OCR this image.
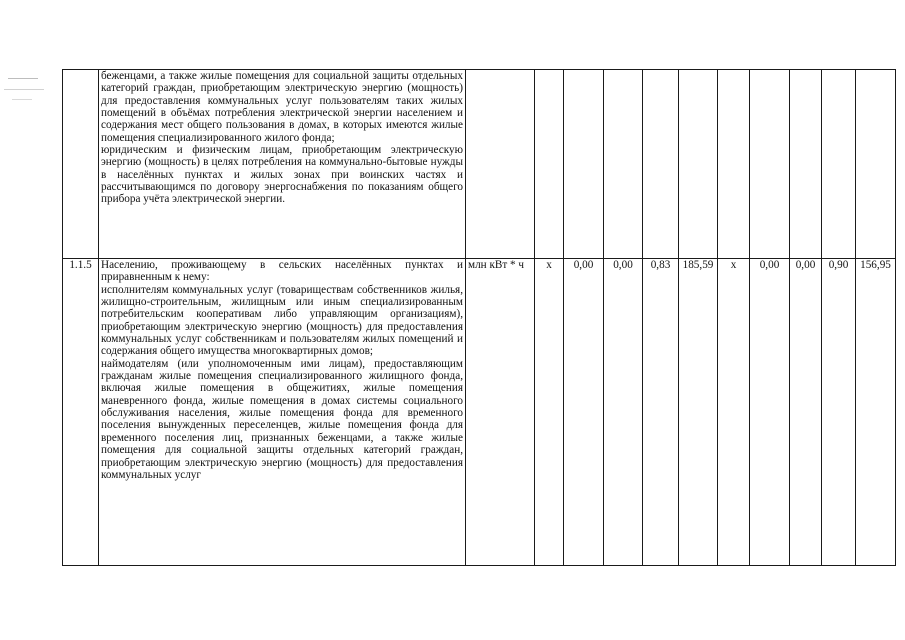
	беженцами, а также жилые помещения для социальной защиты отдельных категорий граждан, приобретающим электрическую энергию (мощность) для предоставления коммунальных услуг пользователям таких жилых помещений в объёмах потребления электрической энергии населением и содержания мест общего пользования в домах, в которых имеются жилые помещения специализированного жилого фонда;

юридическим и физическим лицам, приобретающим электрическую энергию (мощность) в целях потребления на коммунально-бытовые нужды в населённых пунктах и жилых зонах при воинских частях и рассчитывающимся по договору энергоснабжения по показаниям общего прибора учёта электрической энергии.											

1.1.5	Населению, проживающему в сельских населённых пунктах и приравненным к нему:

исполнителям коммунальных услуг (товариществам собственников жилья, жилищно-строительным, жилищным или иным специализированным потребительским кооперативам либо управляющим организациям), приобретающим электрическую энергию (мощность) для предоставления коммунальных услуг собственникам и пользователям жилых помещений и содержания общего имущества многоквартирных домов;

наймодателям (или уполномоченным ими лицам), предоставляющим гражданам жилые помещения специализированного жилищного фонда, включая жилые помещения в общежитиях, жилые помещения маневренного фонда, жилые помещения в домах системы социального обслуживания населения, жилые помещения фонда для временного поселения вынужденных переселенцев, жилые помещения фонда для временного поселения лиц, признанных беженцами, а также жилые помещения для социальной защиты отдельных категорий граждан, приобретающим электрическую энергию (мощность) для предоставления коммунальных услуг	млн кВт * ч	x	0,00	0,00	0,83	185,59	x	0,00	0,00	0,90	156,95
